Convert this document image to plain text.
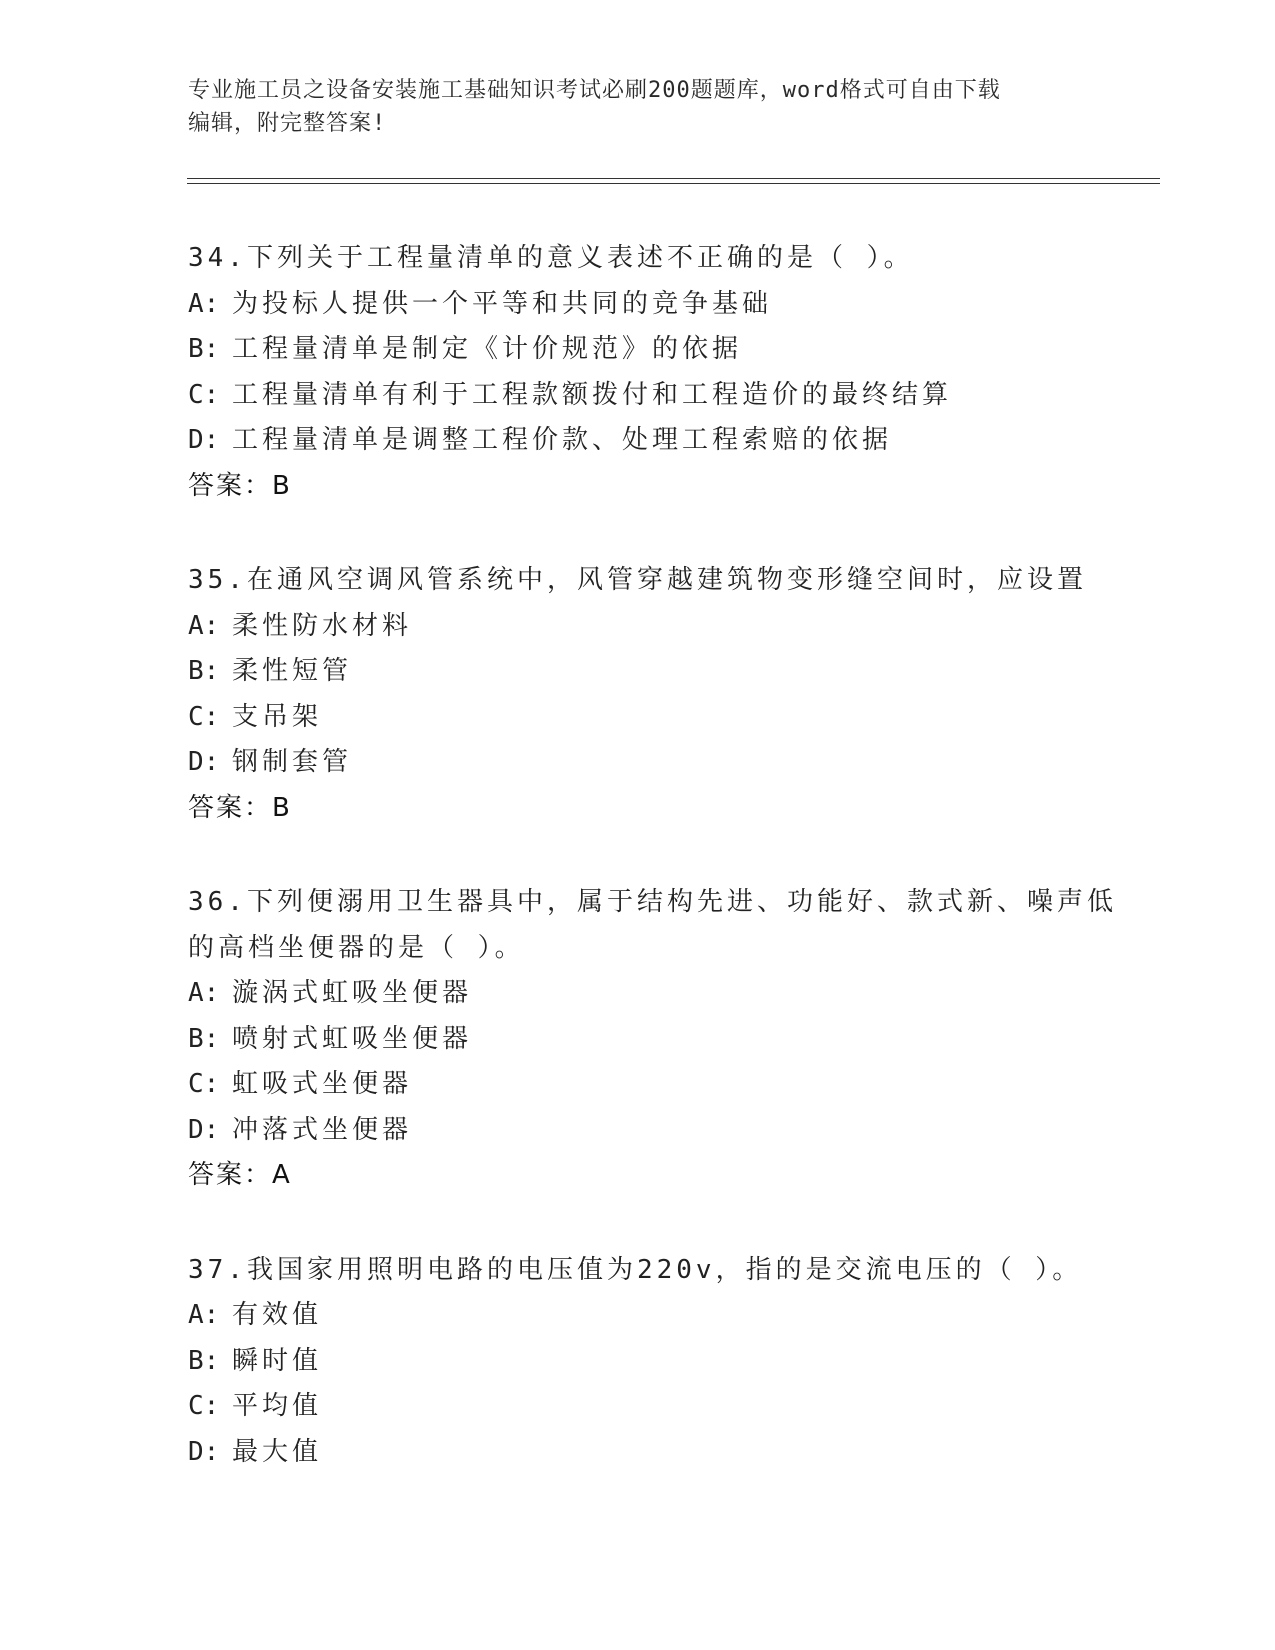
专业施工员之设备安装施工基础知识考试必刷200题题库，word格式可自由下载
编辑，附完整答案!
34.下列关于工程量清单的意义表述不正确的是（ ）。
A: 为投标人提供一个平等和共同的竞争基础
B: 工程量清单是制定《计价规范》的依据
C: 工程量清单有利于工程款额拨付和工程造价的最终结算
D: 工程量清单是调整工程价款、处理工程索赔的依据
答案：B
35.在通风空调风管系统中，风管穿越建筑物变形缝空间时，应设置
A: 柔性防水材料
B: 柔性短管
C: 支吊架
D: 钢制套管
答案：B
36.下列便溺用卫生器具中，属于结构先进、功能好、款式新、噪声低
的高档坐便器的是（ ）。
A: 漩涡式虹吸坐便器
B: 喷射式虹吸坐便器
C: 虹吸式坐便器
D: 冲落式坐便器
答案：A
37.我国家用照明电路的电压值为220v，指的是交流电压的（ ）。
A: 有效值
B: 瞬时值
C: 平均值
D: 最大值
